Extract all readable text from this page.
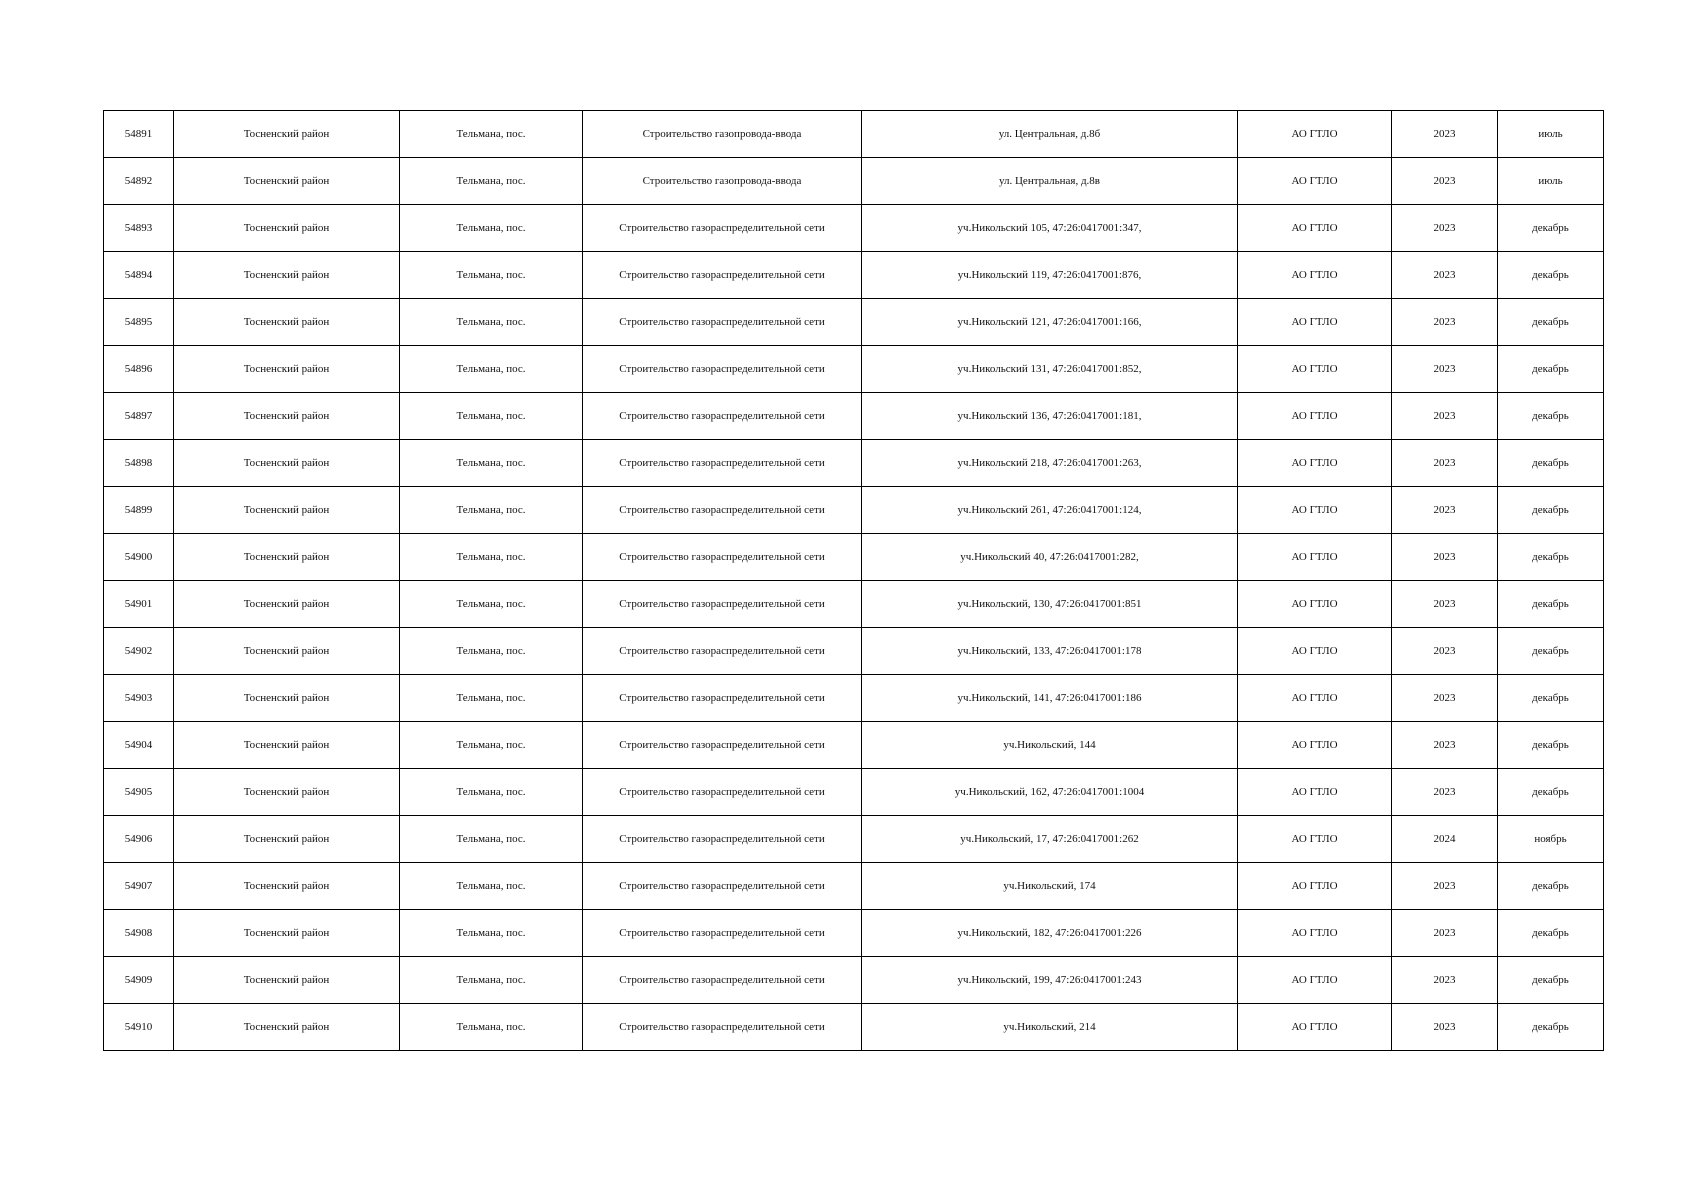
54891	Тосненский район	Тельмана, пос.	Строительство газопровода-ввода	ул. Центральная, д.8б	АО ГТЛО	2023	июль
54892	Тосненский район	Тельмана, пос.	Строительство газопровода-ввода	ул. Центральная, д.8в	АО ГТЛО	2023	июль
54893	Тосненский район	Тельмана, пос.	Строительство газораспределительной сети	уч.Никольский 105, 47:26:0417001:347,	АО ГТЛО	2023	декабрь
54894	Тосненский район	Тельмана, пос.	Строительство газораспределительной сети	уч.Никольский 119, 47:26:0417001:876,	АО ГТЛО	2023	декабрь
54895	Тосненский район	Тельмана, пос.	Строительство газораспределительной сети	уч.Никольский 121, 47:26:0417001:166,	АО ГТЛО	2023	декабрь
54896	Тосненский район	Тельмана, пос.	Строительство газораспределительной сети	уч.Никольский 131, 47:26:0417001:852,	АО ГТЛО	2023	декабрь
54897	Тосненский район	Тельмана, пос.	Строительство газораспределительной сети	уч.Никольский 136, 47:26:0417001:181,	АО ГТЛО	2023	декабрь
54898	Тосненский район	Тельмана, пос.	Строительство газораспределительной сети	уч.Никольский 218, 47:26:0417001:263,	АО ГТЛО	2023	декабрь
54899	Тосненский район	Тельмана, пос.	Строительство газораспределительной сети	уч.Никольский 261, 47:26:0417001:124,	АО ГТЛО	2023	декабрь
54900	Тосненский район	Тельмана, пос.	Строительство газораспределительной сети	уч.Никольский 40, 47:26:0417001:282,	АО ГТЛО	2023	декабрь
54901	Тосненский район	Тельмана, пос.	Строительство газораспределительной сети	уч.Никольский, 130, 47:26:0417001:851	АО ГТЛО	2023	декабрь
54902	Тосненский район	Тельмана, пос.	Строительство газораспределительной сети	уч.Никольский, 133, 47:26:0417001:178	АО ГТЛО	2023	декабрь
54903	Тосненский район	Тельмана, пос.	Строительство газораспределительной сети	уч.Никольский, 141, 47:26:0417001:186	АО ГТЛО	2023	декабрь
54904	Тосненский район	Тельмана, пос.	Строительство газораспределительной сети	уч.Никольский, 144	АО ГТЛО	2023	декабрь
54905	Тосненский район	Тельмана, пос.	Строительство газораспределительной сети	уч.Никольский, 162, 47:26:0417001:1004	АО ГТЛО	2023	декабрь
54906	Тосненский район	Тельмана, пос.	Строительство газораспределительной сети	уч.Никольский, 17, 47:26:0417001:262	АО ГТЛО	2024	ноябрь
54907	Тосненский район	Тельмана, пос.	Строительство газораспределительной сети	уч.Никольский, 174	АО ГТЛО	2023	декабрь
54908	Тосненский район	Тельмана, пос.	Строительство газораспределительной сети	уч.Никольский, 182, 47:26:0417001:226	АО ГТЛО	2023	декабрь
54909	Тосненский район	Тельмана, пос.	Строительство газораспределительной сети	уч.Никольский, 199, 47:26:0417001:243	АО ГТЛО	2023	декабрь
54910	Тосненский район	Тельмана, пос.	Строительство газораспределительной сети	уч.Никольский, 214	АО ГТЛО	2023	декабрь
